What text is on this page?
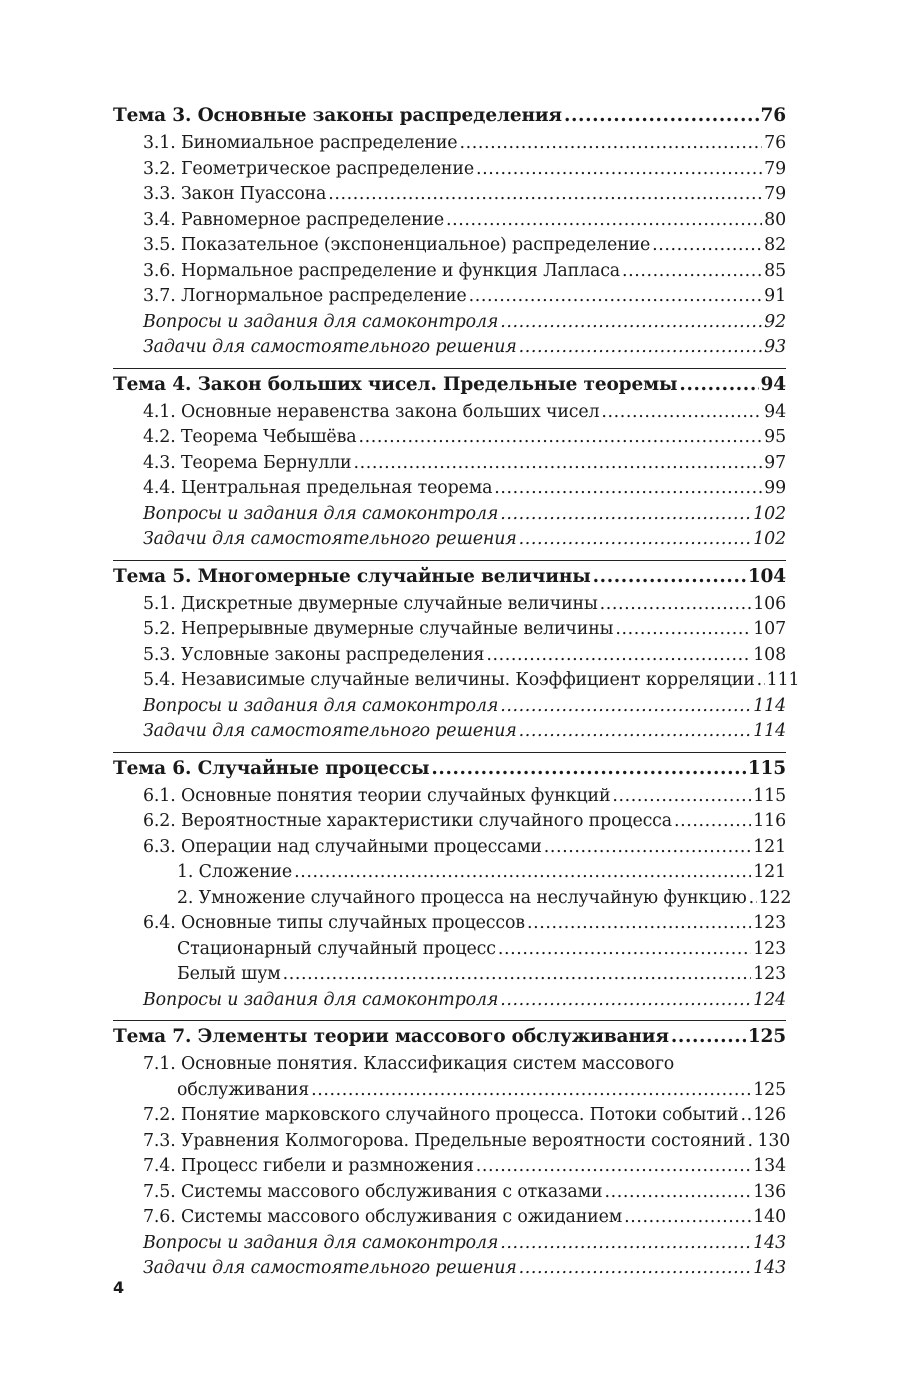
Тема 3. Основные законы распределения .....	76
3.1. Биномиальное распределение .....	76
3.2. Геометрическое распределение .....	79
3.3. Закон Пуассона .....	79
3.4. Равномерное распределение .....	80
3.5. Показательное (экспоненциальное) распределение .....	82
3.6. Нормальное распределение и функция Лапласа .....	85
3.7. Логнормальное распределение .....	91
Вопросы и задания для самоконтроля .....	92
Задачи для самостоятельного решения .....	93
Тема 4. Закон больших чисел. Предельные теоремы .....	94
4.1. Основные неравенства закона больших чисел .....	94
4.2. Теорема Чебышёва .....	95
4.3. Теорема Бернулли .....	97
4.4. Центральная предельная теорема .....	99
Вопросы и задания для самоконтроля .....	102
Задачи для самостоятельного решения .....	102
Тема 5. Многомерные случайные величины .....	104
5.1. Дискретные двумерные случайные величины .....	106
5.2. Непрерывные двумерные случайные величины .....	107
5.3. Условные законы распределения .....	108
5.4. Независимые случайные величины. Коэффициент корреляции ..... 111
Вопросы и задания для самоконтроля .....	114
Задачи для самостоятельного решения .....	114
Тема 6. Случайные процессы .....	115
6.1. Основные понятия теории случайных функций .....	115
6.2. Вероятностные характеристики случайного процесса .....	116
6.3. Операции над случайными процессами .....	121
1. Сложение .....	121
2. Умножение случайного процесса на неслучайную функцию ..... 122
6.4. Основные типы случайных процессов .....	123
Стационарный случайный процесс .....	123
Белый шум .....	123
Вопросы и задания для самоконтроля .....	124
Тема 7. Элементы теории массового обслуживания .....	125
7.1. Основные понятия. Классификация систем массового
обслуживания .....	125
7.2. Понятие марковского случайного процесса. Потоки событий ..... 126
7.3. Уравнения Колмогорова. Предельные вероятности состояний ..... 130
7.4. Процесс гибели и размножения .....	134
7.5. Системы массового обслуживания с отказами .....	136
7.6. Системы массового обслуживания с ожиданием .....	140
Вопросы и задания для самоконтроля .....	143
Задачи для самостоятельного решения .....	143
4
